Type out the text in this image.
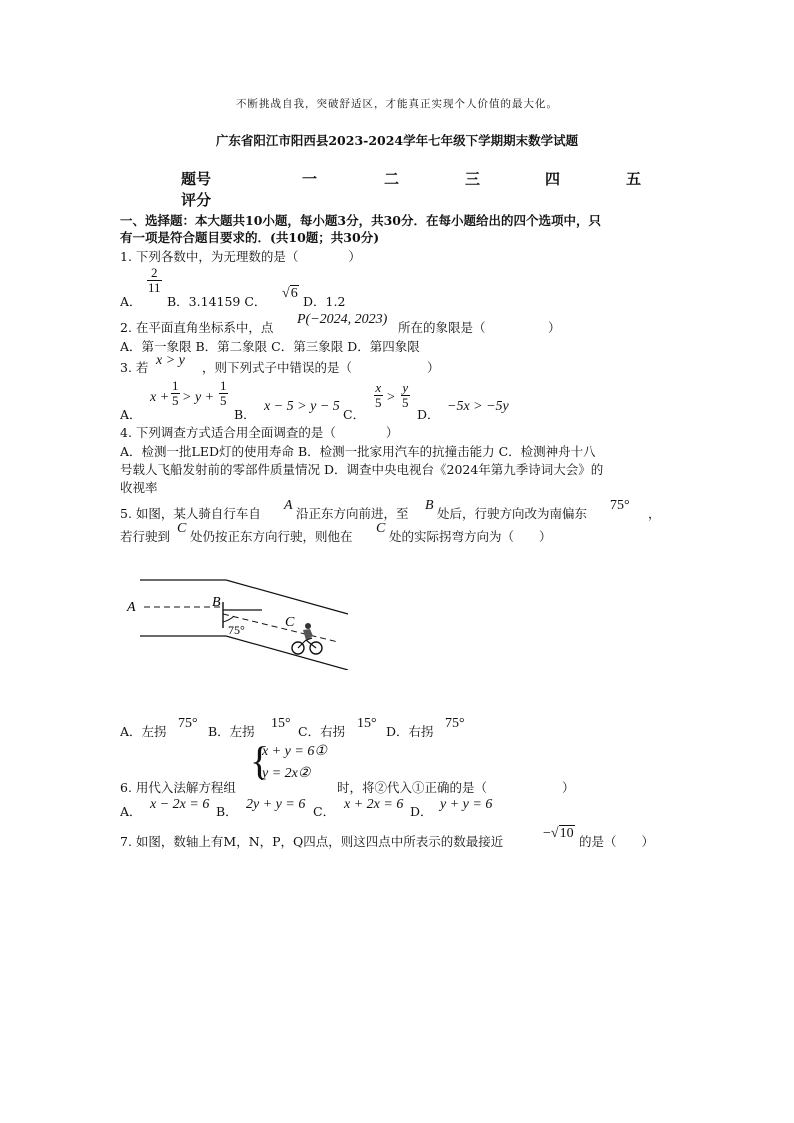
不断挑战自我，突破舒适区，才能真正实现个人价值的最大化。
广东省阳江市阳西县2023-2024学年七年级下学期期末数学试题
题号	一	二	三	四	五
评分
一、选择题：本大题共10小题，每小题3分，共30分．在每小题给出的四个选项中，只
有一项是符合题目要求的．(共10题；共30分)
1. 下列各数中，为无理数的是（　　　　）
A．
$\frac{2}{11}$
B．3.14159 C．
√6
D．1.2
2. 在平面直角坐标系中，点
P(−2024, 2023)
所在的象限是（　　　　　）
A．第一象限 B．第二象限 C．第三象限 D．第四象限
3. 若 x > y ，则下列式子中错误的是（　　　　　　）
A．
$x + \frac{1}{5} > y + \frac{1}{5}$
B．
x − 5 > y − 5
C．
$\frac{x}{5} > \frac{y}{5}$
D．
−5x > −5y
4. 下列调查方式适合用全面调查的是（　　　　）
A．检测一批LED灯的使用寿命 B．检测一批家用汽车的抗撞击能力 C．检测神舟十八
号载人飞船发射前的零部件质量情况 D．调查中央电视台《2024年第九季诗词大会》的
收视率
5. 如图，某人骑自行车自
A
沿正东方向前进，至
B
处后，行驶方向改为南偏东
75°
，
若行驶到
C
处仍按正东方向行驶，则他在
C
处的实际拐弯方向为（　　）
A	B
C
75°
A．左拐
75°
B．左拐
15°
C．右拐
15°
D．右拐
75°
{
x + y = 6①
y = 2x②
6. 用代入法解方程组	时，将②代入①正确的是（　　　　　　）
A． x − 2x = 6 B． 2y + y = 6 C． x + 2x = 6 D． y + y = 6
7. 如图，数轴上有M，N，P，Q四点，则这四点中所表示的数最接近
−√10
的是（　　）
